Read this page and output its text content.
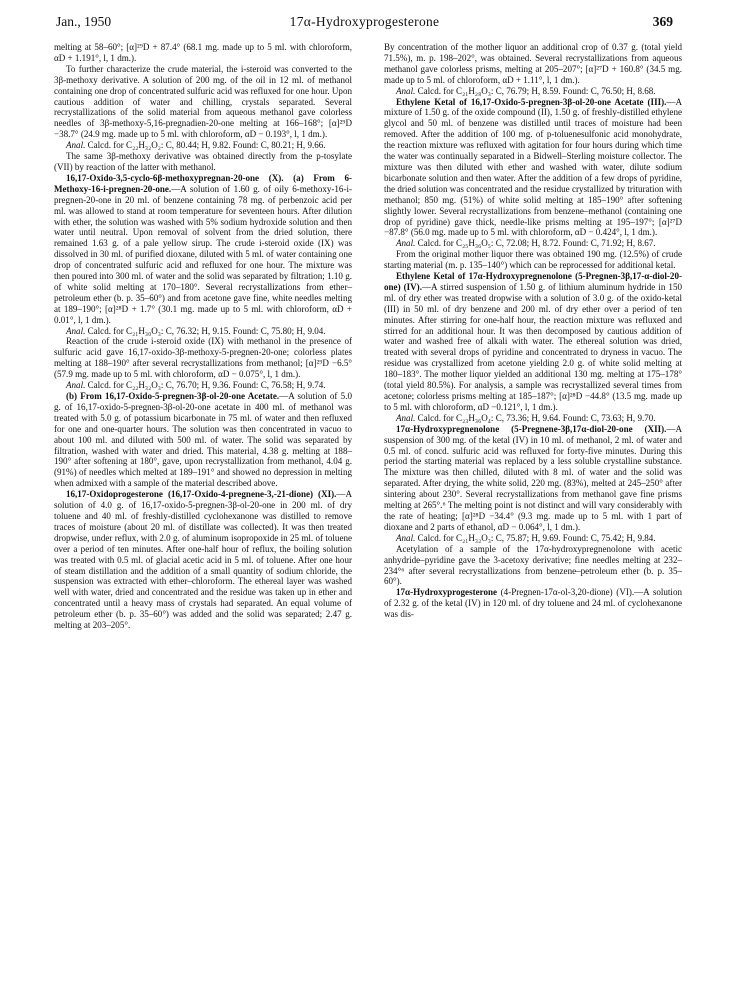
Jan., 1950	17α-Hydroxyprogesterone	369

melting at 58–60°; [α]²⁹D + 87.4° (68.1 mg. made up to 5 ml. with chloroform, αD + 1.191°, l, 1 dm.).

To further characterize the crude material, the i-steroid was converted to the 3β-methoxy derivative. A solution of 200 mg. of the oil in 12 ml. of methanol containing one drop of concentrated sulfuric acid was refluxed for one hour. Upon cautious addition of water and chilling, crystals separated. Several recrystallizations of the solid material from aqueous methanol gave colorless needles of 3β-methoxy-5,16-pregnadien-20-one melting at 166–168°; [α]²⁹D −38.7° (24.9 mg. made up to 5 ml. with chloroform, αD − 0.193°, l, 1 dm.).

Anal. Calcd. for C₂₂H₃₂O₂: C, 80.44; H, 9.82. Found: C, 80.21; H, 9.66.

The same 3β-methoxy derivative was obtained directly from the p-tosylate (VII) by reaction of the latter with methanol.

16,17-Oxido-3,5-cyclo-6β-methoxypregnan-20-one (X). (a) From 6-Methoxy-16-i-pregnen-20-one.—A solution of 1.60 g. of oily 6-methoxy-16-i-pregnen-20-one in 20 ml. of benzene containing 78 mg. of perbenzoic acid per ml. was allowed to stand at room temperature for seventeen hours. After dilution with ether, the solution was washed with 5% sodium hydroxide solution and then water until neutral. Upon removal of solvent from the dried solution, there remained 1.63 g. of a pale yellow sirup. The crude i-steroid oxide (IX) was dissolved in 30 ml. of purified dioxane, diluted with 5 ml. of water containing one drop of concentrated sulfuric acid and refluxed for one hour. The mixture was then poured into 300 ml. of water and the solid was separated by filtration; 1.10 g. of white solid melting at 170–180°. Several recrystallizations from ether–petroleum ether (b. p. 35–60°) and from acetone gave fine, white needles melting at 189–190°; [α]²⁸D + 1.7° (30.1 mg. made up to 5 ml. with chloroform, αD + 0.01°, l, 1 dm.).

Anal. Calcd. for C₂₁H₃₀O₃: C, 76.32; H, 9.15. Found: C, 75.80; H, 9.04.

Reaction of the crude i-steroid oxide (IX) with methanol in the presence of sulfuric acid gave 16,17-oxido-3β-methoxy-5-pregnen-20-one; colorless plates melting at 188–190° after several recrystallizations from methanol; [α]²⁹D −6.5° (57.9 mg. made up to 5 ml. with chloroform, αD − 0.075°, l, 1 dm.).

Anal. Calcd. for C₂₂H₃₂O₃: C, 76.70; H, 9.36. Found: C, 76.58; H, 9.74.

(b) From 16,17-Oxido-5-pregnen-3β-ol-20-one Acetate.—A solution of 5.0 g. of 16,17-oxido-5-pregnen-3β-ol-20-one acetate in 400 ml. of methanol was treated with 5.0 g. of potassium bicarbonate in 75 ml. of water and then refluxed for one and one-quarter hours. The solution was then concentrated in vacuo to about 100 ml. and diluted with 500 ml. of water. The solid was separated by filtration, washed with water and dried. This material, 4.38 g. melting at 188–190° after softening at 180°, gave, upon recrystallization from methanol, 4.04 g. (91%) of needles which melted at 189–191° and showed no depression in melting when admixed with a sample of the material described above.

16,17-Oxidoprogesterone (16,17-Oxido-4-pregnene-3,-21-dione) (XI).—A solution of 4.0 g. of 16,17-oxido-5-pregnen-3β-ol-20-one in 200 ml. of dry toluene and 40 ml. of freshly-distilled cyclohexanone was distilled to remove traces of moisture (about 20 ml. of distillate was collected). It was then treated dropwise, under reflux, with 2.0 g. of aluminum isopropoxide in 25 ml. of toluene over a period of ten minutes. After one-half hour of reflux, the boiling solution was treated with 0.5 ml. of glacial acetic acid in 5 ml. of toluene. After one hour of steam distillation and the addition of a small quantity of sodium chloride, the suspension was extracted with ether–chloroform. The ethereal layer was washed well with water, dried and concentrated and the residue was taken up in ether and concentrated until a heavy mass of crystals had separated. An equal volume of petroleum ether (b. p. 35–60°) was added and the solid was separated; 2.47 g. melting at 203–205°.

By concentration of the mother liquor an additional crop of 0.37 g. (total yield 71.5%), m. p. 198–202°, was obtained. Several recrystallizations from aqueous methanol gave colorless prisms, melting at 205–207°; [α]²⁷D + 160.8° (34.5 mg. made up to 5 ml. of chloroform, αD + 1.11°, l, 1 dm.).

Anal. Calcd. for C₂₁H₂₈O₃: C, 76.79; H, 8.59. Found: C, 76.50; H, 8.68.

Ethylene Ketal of 16,17-Oxido-5-pregnen-3β-ol-20-one Acetate (III).—A mixture of 1.50 g. of the oxide compound (II), 1.50 g. of freshly-distilled ethylene glycol and 50 ml. of benzene was distilled until traces of moisture had been removed. After the addition of 100 mg. of p-toluenesulfonic acid monohydrate, the reaction mixture was refluxed with agitation for four hours during which time the water was continually separated in a Bidwell–Sterling moisture collector. The mixture was then diluted with ether and washed with water, dilute sodium bicarbonate solution and then water. After the addition of a few drops of pyridine, the dried solution was concentrated and the residue crystallized by trituration with methanol; 850 mg. (51%) of white solid melting at 185–190° after softening slightly lower. Several recrystallizations from benzene–methanol (containing one drop of pyridine) gave thick, needle-like prisms melting at 195–197°; [α]²⁷D −87.8° (56.0 mg. made up to 5 ml. with chloroform, αD − 0.424°, l, 1 dm.).

Anal. Calcd. for C₂₅H₃₆O₅: C, 72.08; H, 8.72. Found: C, 71.92; H, 8.67.

From the original mother liquor there was obtained 190 mg. (12.5%) of crude starting material (m. p. 135–140°) which can be reprocessed for additional ketal.

Ethylene Ketal of 17α-Hydroxypregnenolone (5-Pregnen-3β,17-α-diol-20-one) (IV).—A stirred suspension of 1.50 g. of lithium aluminum hydride in 150 ml. of dry ether was treated dropwise with a solution of 3.0 g. of the oxido-ketal (III) in 50 ml. of dry benzene and 200 ml. of dry ether over a period of ten minutes. After stirring for one-half hour, the reaction mixture was refluxed and stirred for an additional hour. It was then decomposed by cautious addition of water and washed free of alkali with water. The ethereal solution was dried, treated with several drops of pyridine and concentrated to dryness in vacuo. The residue was crystallized from acetone yielding 2.0 g. of white solid melting at 180–183°. The mother liquor yielded an additional 130 mg. melting at 175–178° (total yield 80.5%). For analysis, a sample was recrystallized several times from acetone; colorless prisms melting at 185–187°; [α]²⁸D −44.8° (13.5 mg. made up to 5 ml. with chloroform, αD −0.121°, l, 1 dm.).

Anal. Calcd. for C₂₃H₃₆O₄: C, 73.36; H, 9.64. Found: C, 73.63; H, 9.70.

17α-Hydroxypregnenolone (5-Pregnene-3β,17α-diol-20-one (XII).—A suspension of 300 mg. of the ketal (IV) in 10 ml. of methanol, 2 ml. of water and 0.5 ml. of concd. sulfuric acid was refluxed for forty-five minutes. During this period the starting material was replaced by a less soluble crystalline substance. The mixture was then chilled, diluted with 8 ml. of water and the solid was separated. After drying, the white solid, 220 mg. (83%), melted at 245–250° after sintering about 230°. Several recrystallizations from methanol gave fine prisms melting at 265°.⁶ The melting point is not distinct and will vary considerably with the rate of heating; [α]²⁸D −34.4° (9.3 mg. made up to 5 ml. with 1 part of dioxane and 2 parts of ethanol, αD − 0.064°, l, 1 dm.).

Anal. Calcd. for C₂₁H₃₂O₃: C, 75.87; H, 9.69. Found: C, 75.42; H, 9.84.

Acetylation of a sample of the 17α-hydroxypregnenolone with acetic anhydride–pyridine gave the 3-acetoxy derivative; fine needles melting at 232–234°⁶ after several recrystallizations from benzene–petroleum ether (b. p. 35–60°).

17α-Hydroxyprogesterone (4-Pregnen-17α-ol-3,20-dione) (VI).—A solution of 2.32 g. of the ketal (IV) in 120 ml. of dry toluene and 24 ml. of cyclohexanone was dis-
